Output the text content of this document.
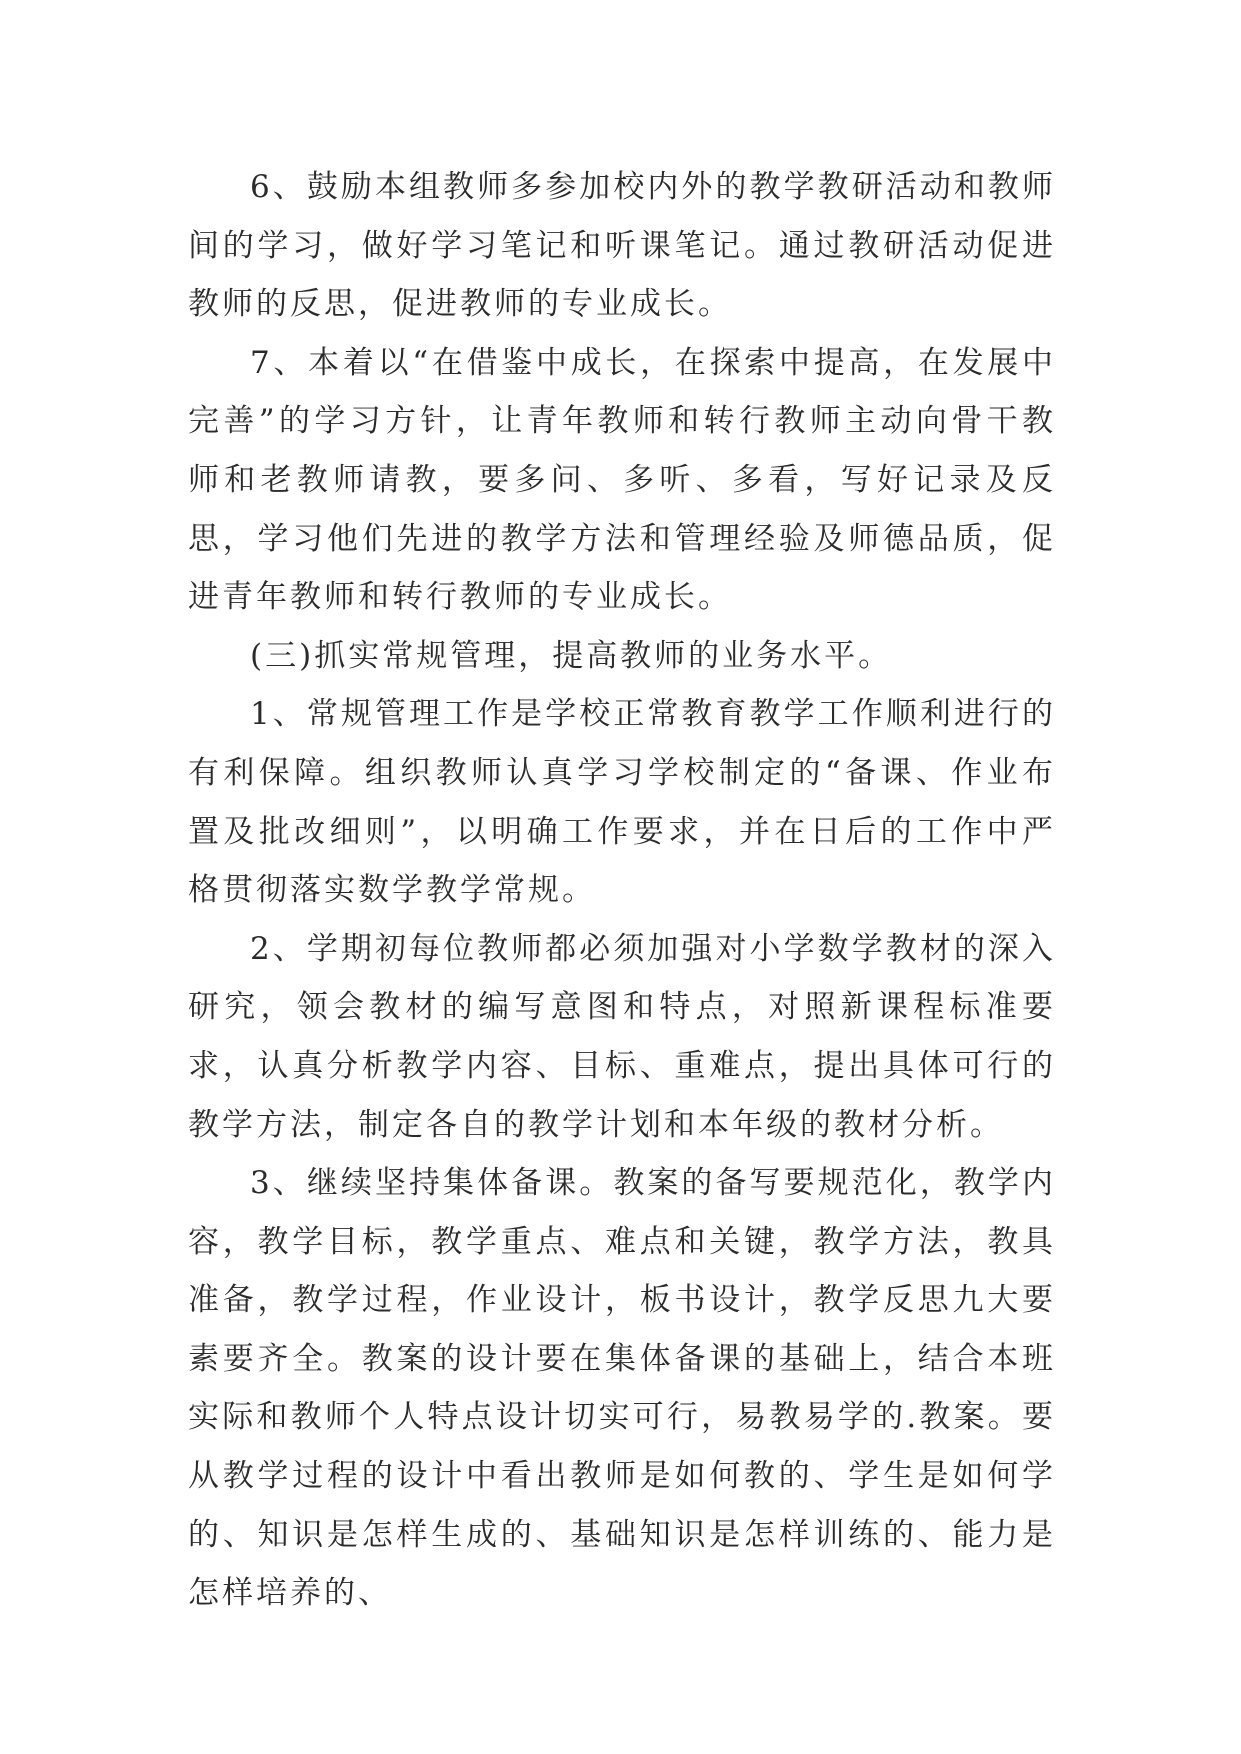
6、鼓励本组教师多参加校内外的教学教研活动和教师间的学习，做好学习笔记和听课笔记。通过教研活动促进教师的反思，促进教师的专业成长。

7、本着以“在借鉴中成长，在探索中提高，在发展中完善”的学习方针，让青年教师和转行教师主动向骨干教师和老教师请教，要多问、多听、多看，写好记录及反思，学习他们先进的教学方法和管理经验及师德品质，促进青年教师和转行教师的专业成长。

(三)抓实常规管理，提高教师的业务水平。

1、常规管理工作是学校正常教育教学工作顺利进行的有利保障。组织教师认真学习学校制定的“备课、作业布置及批改细则”，以明确工作要求，并在日后的工作中严格贯彻落实数学教学常规。

2、学期初每位教师都必须加强对小学数学教材的深入研究，领会教材的编写意图和特点，对照新课程标准要求，认真分析教学内容、目标、重难点，提出具体可行的教学方法，制定各自的教学计划和本年级的教材分析。

3、继续坚持集体备课。教案的备写要规范化，教学内容，教学目标，教学重点、难点和关键，教学方法，教具准备，教学过程，作业设计，板书设计，教学反思九大要素要齐全。教案的设计要在集体备课的基础上，结合本班实际和教师个人特点设计切实可行，易教易学的.教案。要从教学过程的设计中看出教师是如何教的、学生是如何学的、知识是怎样生成的、基础知识是怎样训练的、能力是怎样培养的、
